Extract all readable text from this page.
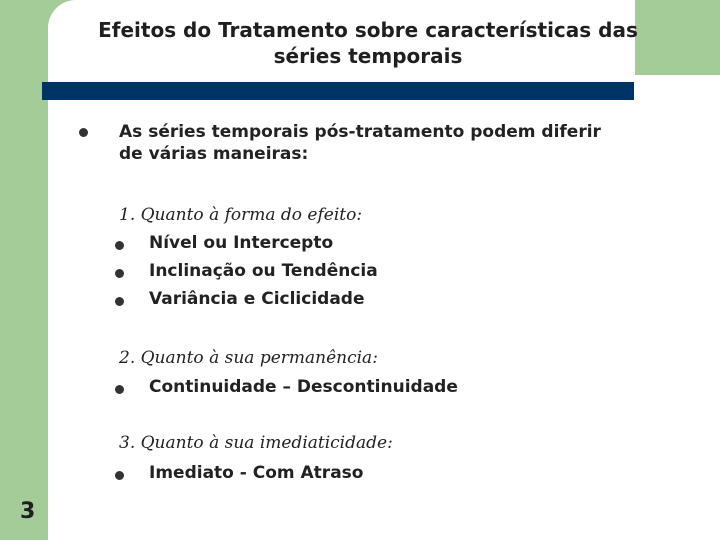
Efeitos do Tratamento sobre características das
séries temporais
As séries temporais pós-tratamento podem diferir
de várias maneiras:
1. Quanto à forma do efeito:
Nível ou Intercepto
Inclinação ou Tendência
Variância e Ciclicidade
2. Quanto à sua permanência:
Continuidade – Descontinuidade
3. Quanto à sua imediaticidade:
Imediato - Com Atraso
3
